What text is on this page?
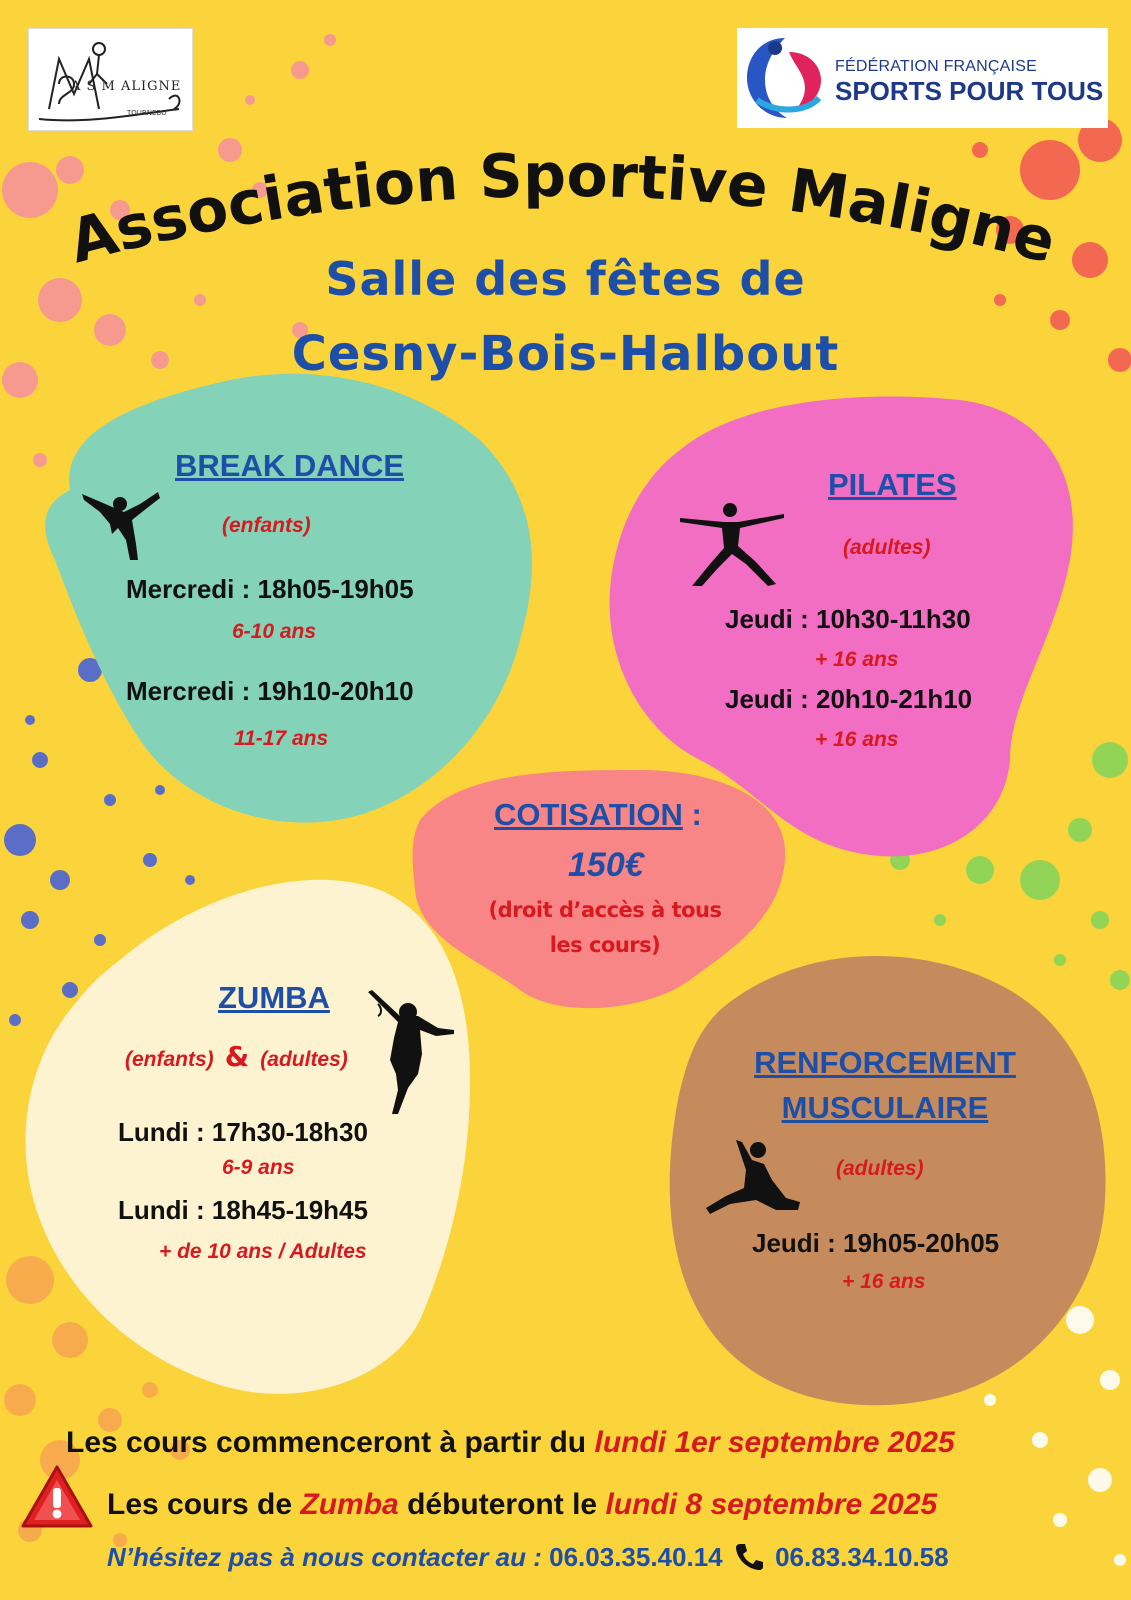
A S M ALIGNE
TOURNEBU
FÉDÉRATION FRANÇAISE
SPORTS POUR TOUS
Association Sportive Maligne
Salle des fêtes de
Cesny-Bois-Halbout
BREAK DANCE
(enfants)
Mercredi : 18h05-19h05
6-10 ans
Mercredi : 19h10-20h10
11-17 ans
PILATES
(adultes)
Jeudi : 10h30-11h30
+ 16 ans
Jeudi : 20h10-21h10
+ 16 ans
COTISATION :
150€
(droit d’accès à tous
les cours)
ZUMBA
(enfants) & (adultes)
Lundi : 17h30-18h30
6-9 ans
Lundi : 18h45-19h45
+ de 10 ans / Adultes
RENFORCEMENT
MUSCULAIRE
(adultes)
Jeudi : 19h05-20h05
+ 16 ans
Les cours commenceront à partir du lundi 1er septembre 2025
Les cours de Zumba débuteront le lundi 8 septembre 2025
N’hésitez pas à nous contacter au : 06.03.35.40.14 06.83.34.10.58
